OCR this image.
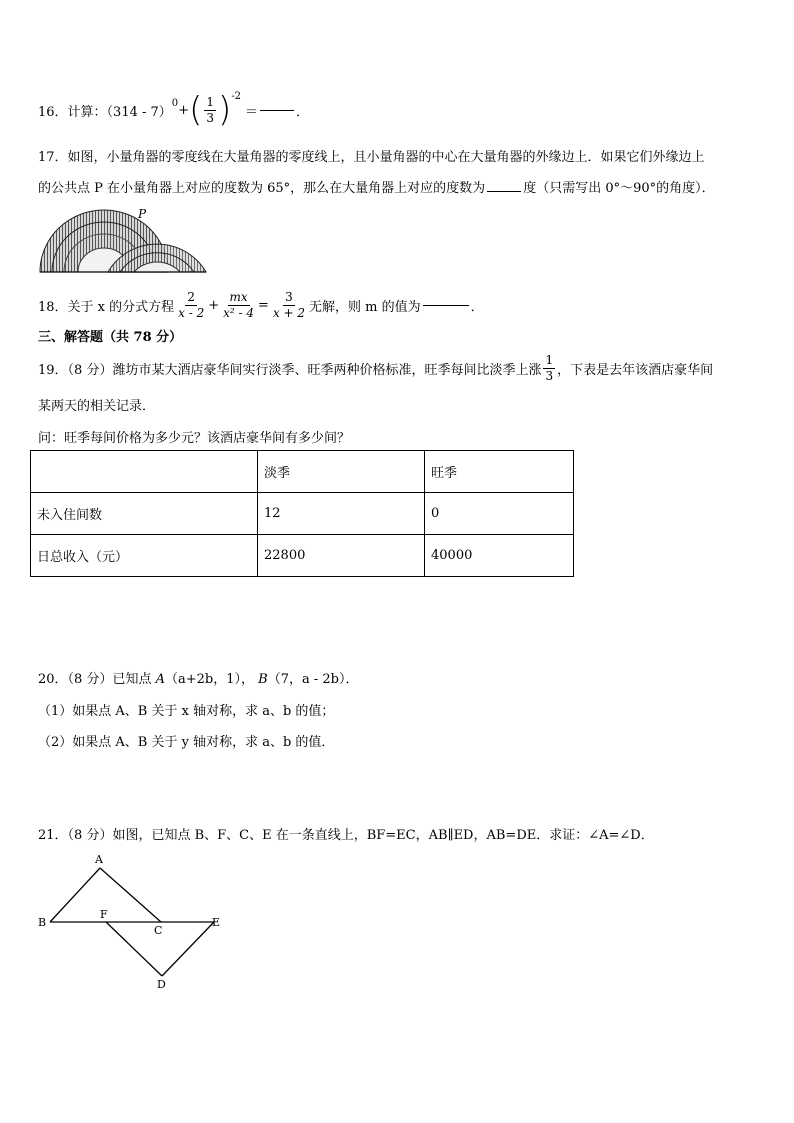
16．计算：（314 - 7）
0 + ( $\frac{1}{3}$ ) -2
＝	．
17．如图，小量角器的零度线在大量角器的零度线上，且小量角器的中心在大量角器的外缘边上．如果它们外缘边上
的公共点 P 在小量角器上对应的度数为 65°，那么在大量角器上对应的度数为	度（只需写出 0°～90°的角度）．
P
18．关于 x 的分式方程 $\frac{2}{x - 2} + \frac{mx}{\text{x² - 4}} = \frac{3}{x + 2}$ 无解，则 m 的值为	．
三、解答题（共 78 分）
19．（8 分）潍坊市某大酒店豪华间实行淡季、旺季两种价格标准，旺季每间比淡季上涨 $\frac{1}{3}$ ，下表是去年该酒店豪华间
某两天的相关记录．
问：旺季每间价格为多少元？该酒店豪华间有多少间？
	淡季	旺季
未入住间数	12	0
日总收入（元）	22800	40000
20．（8 分）已知点 A（a+2b，1）， B（7，a - 2b）．
（1）如果点 A、B 关于 x 轴对称，求 a、b 的值；
（2）如果点 A、B 关于 y 轴对称，求 a、b 的值．
21．（8 分）如图，已知点 B、F、C、E 在一条直线上，BF=EC，AB∥ED，AB=DE．求证：∠A=∠D．
A
B
F
C
E
D
